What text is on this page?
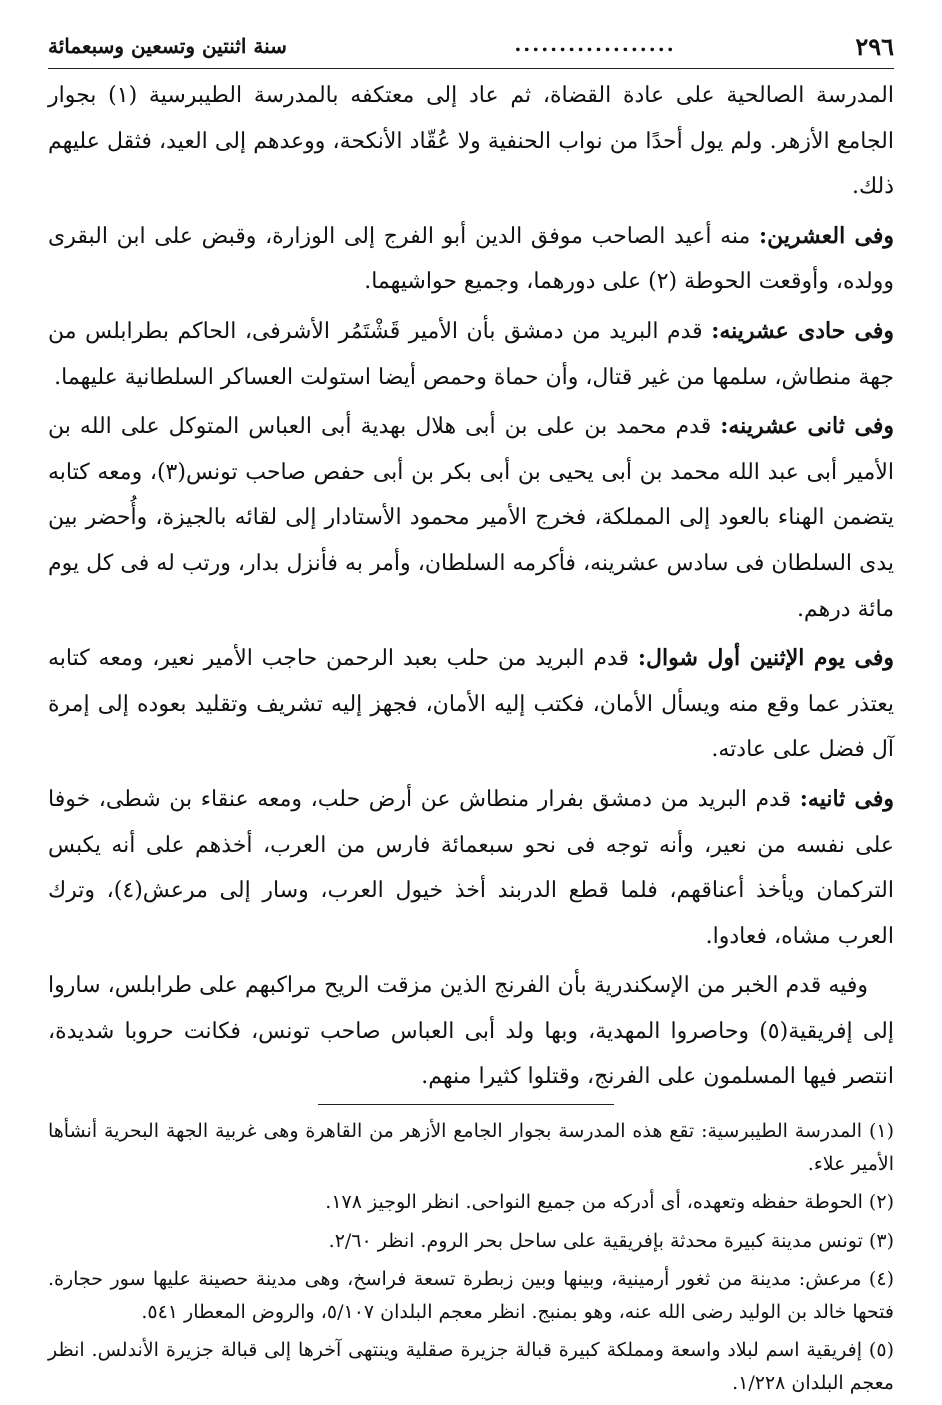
٢٩٦
..................
سنة اثنتين وتسعين وسبعمائة

المدرسة الصالحية على عادة القضاة، ثم عاد إلى معتكفه بالمدرسة الطيبرسية (١) بجوار الجامع الأزهر. ولم يول أحدًا من نواب الحنفية ولا عُقّاد الأنكحة، ووعدهم إلى العيد، فثقل عليهم ذلك.

وفى العشرين: منه أعيد الصاحب موفق الدين أبو الفرج إلى الوزارة، وقبض على ابن البقرى وولده، وأوقعت الحوطة (٢) على دورهما، وجميع حواشيهما.

وفى حادى عشرينه: قدم البريد من دمشق بأن الأمير قَشْتَمُر الأشرفى، الحاكم بطرابلس من جهة منطاش، سلمها من غير قتال، وأن حماة وحمص أيضا استولت العساكر السلطانية عليهما.

وفى ثانى عشرينه: قدم محمد بن على بن أبى هلال بهدية أبى العباس المتوكل على الله بن الأمير أبى عبد الله محمد بن أبى يحيى بن أبى بكر بن أبى حفص صاحب تونس(٣)، ومعه كتابه يتضمن الهناء بالعود إلى المملكة، فخرج الأمير محمود الأستادار إلى لقائه بالجيزة، وأُحضر بين يدى السلطان فى سادس عشرينه، فأكرمه السلطان، وأمر به فأنزل بدار، ورتب له فى كل يوم مائة درهم.

وفى يوم الإثنين أول شوال: قدم البريد من حلب بعبد الرحمن حاجب الأمير نعير، ومعه كتابه يعتذر عما وقع منه ويسأل الأمان، فكتب إليه الأمان، فجهز إليه تشريف وتقليد بعوده إلى إمرة آل فضل على عادته.

وفى ثانيه: قدم البريد من دمشق بفرار منطاش عن أرض حلب، ومعه عنقاء بن شطى، خوفا على نفسه من نعير، وأنه توجه فى نحو سبعمائة فارس من العرب، أخذهم على أنه يكبس التركمان ويأخذ أعناقهم، فلما قطع الدربند أخذ خيول العرب، وسار إلى مرعش(٤)، وترك العرب مشاه، فعادوا.

وفيه قدم الخبر من الإسكندرية بأن الفرنج الذين مزقت الريح مراكبهم على طرابلس، ساروا إلى إفريقية(٥) وحاصروا المهدية، وبها ولد أبى العباس صاحب تونس، فكانت حروبا شديدة، انتصر فيها المسلمون على الفرنج، وقتلوا كثيرا منهم.

(١) المدرسة الطيبرسية: تقع هذه المدرسة بجوار الجامع الأزهر من القاهرة وهى غربية الجهة البحرية أنشأها الأمير علاء.

(٢) الحوطة حفظه وتعهده، أى أدركه من جميع النواحى. انظر الوجيز ١٧٨.

(٣) تونس مدينة كبيرة محدثة بإفريقية على ساحل بحر الروم. انظر ٢/٦٠.

(٤) مرعش: مدينة من ثغور أرمينية، وبينها وبين زبطرة تسعة فراسخ، وهى مدينة حصينة عليها سور حجارة. فتحها خالد بن الوليد رضى الله عنه، وهو بمنبج. انظر معجم البلدان ٥/١٠٧، والروض المعطار ٥٤١.

(٥) إفريقية اسم لبلاد واسعة ومملكة كبيرة قبالة جزيرة صقلية وينتهى آخرها إلى قبالة جزيرة الأندلس. انظر معجم البلدان ١/٢٢٨.
